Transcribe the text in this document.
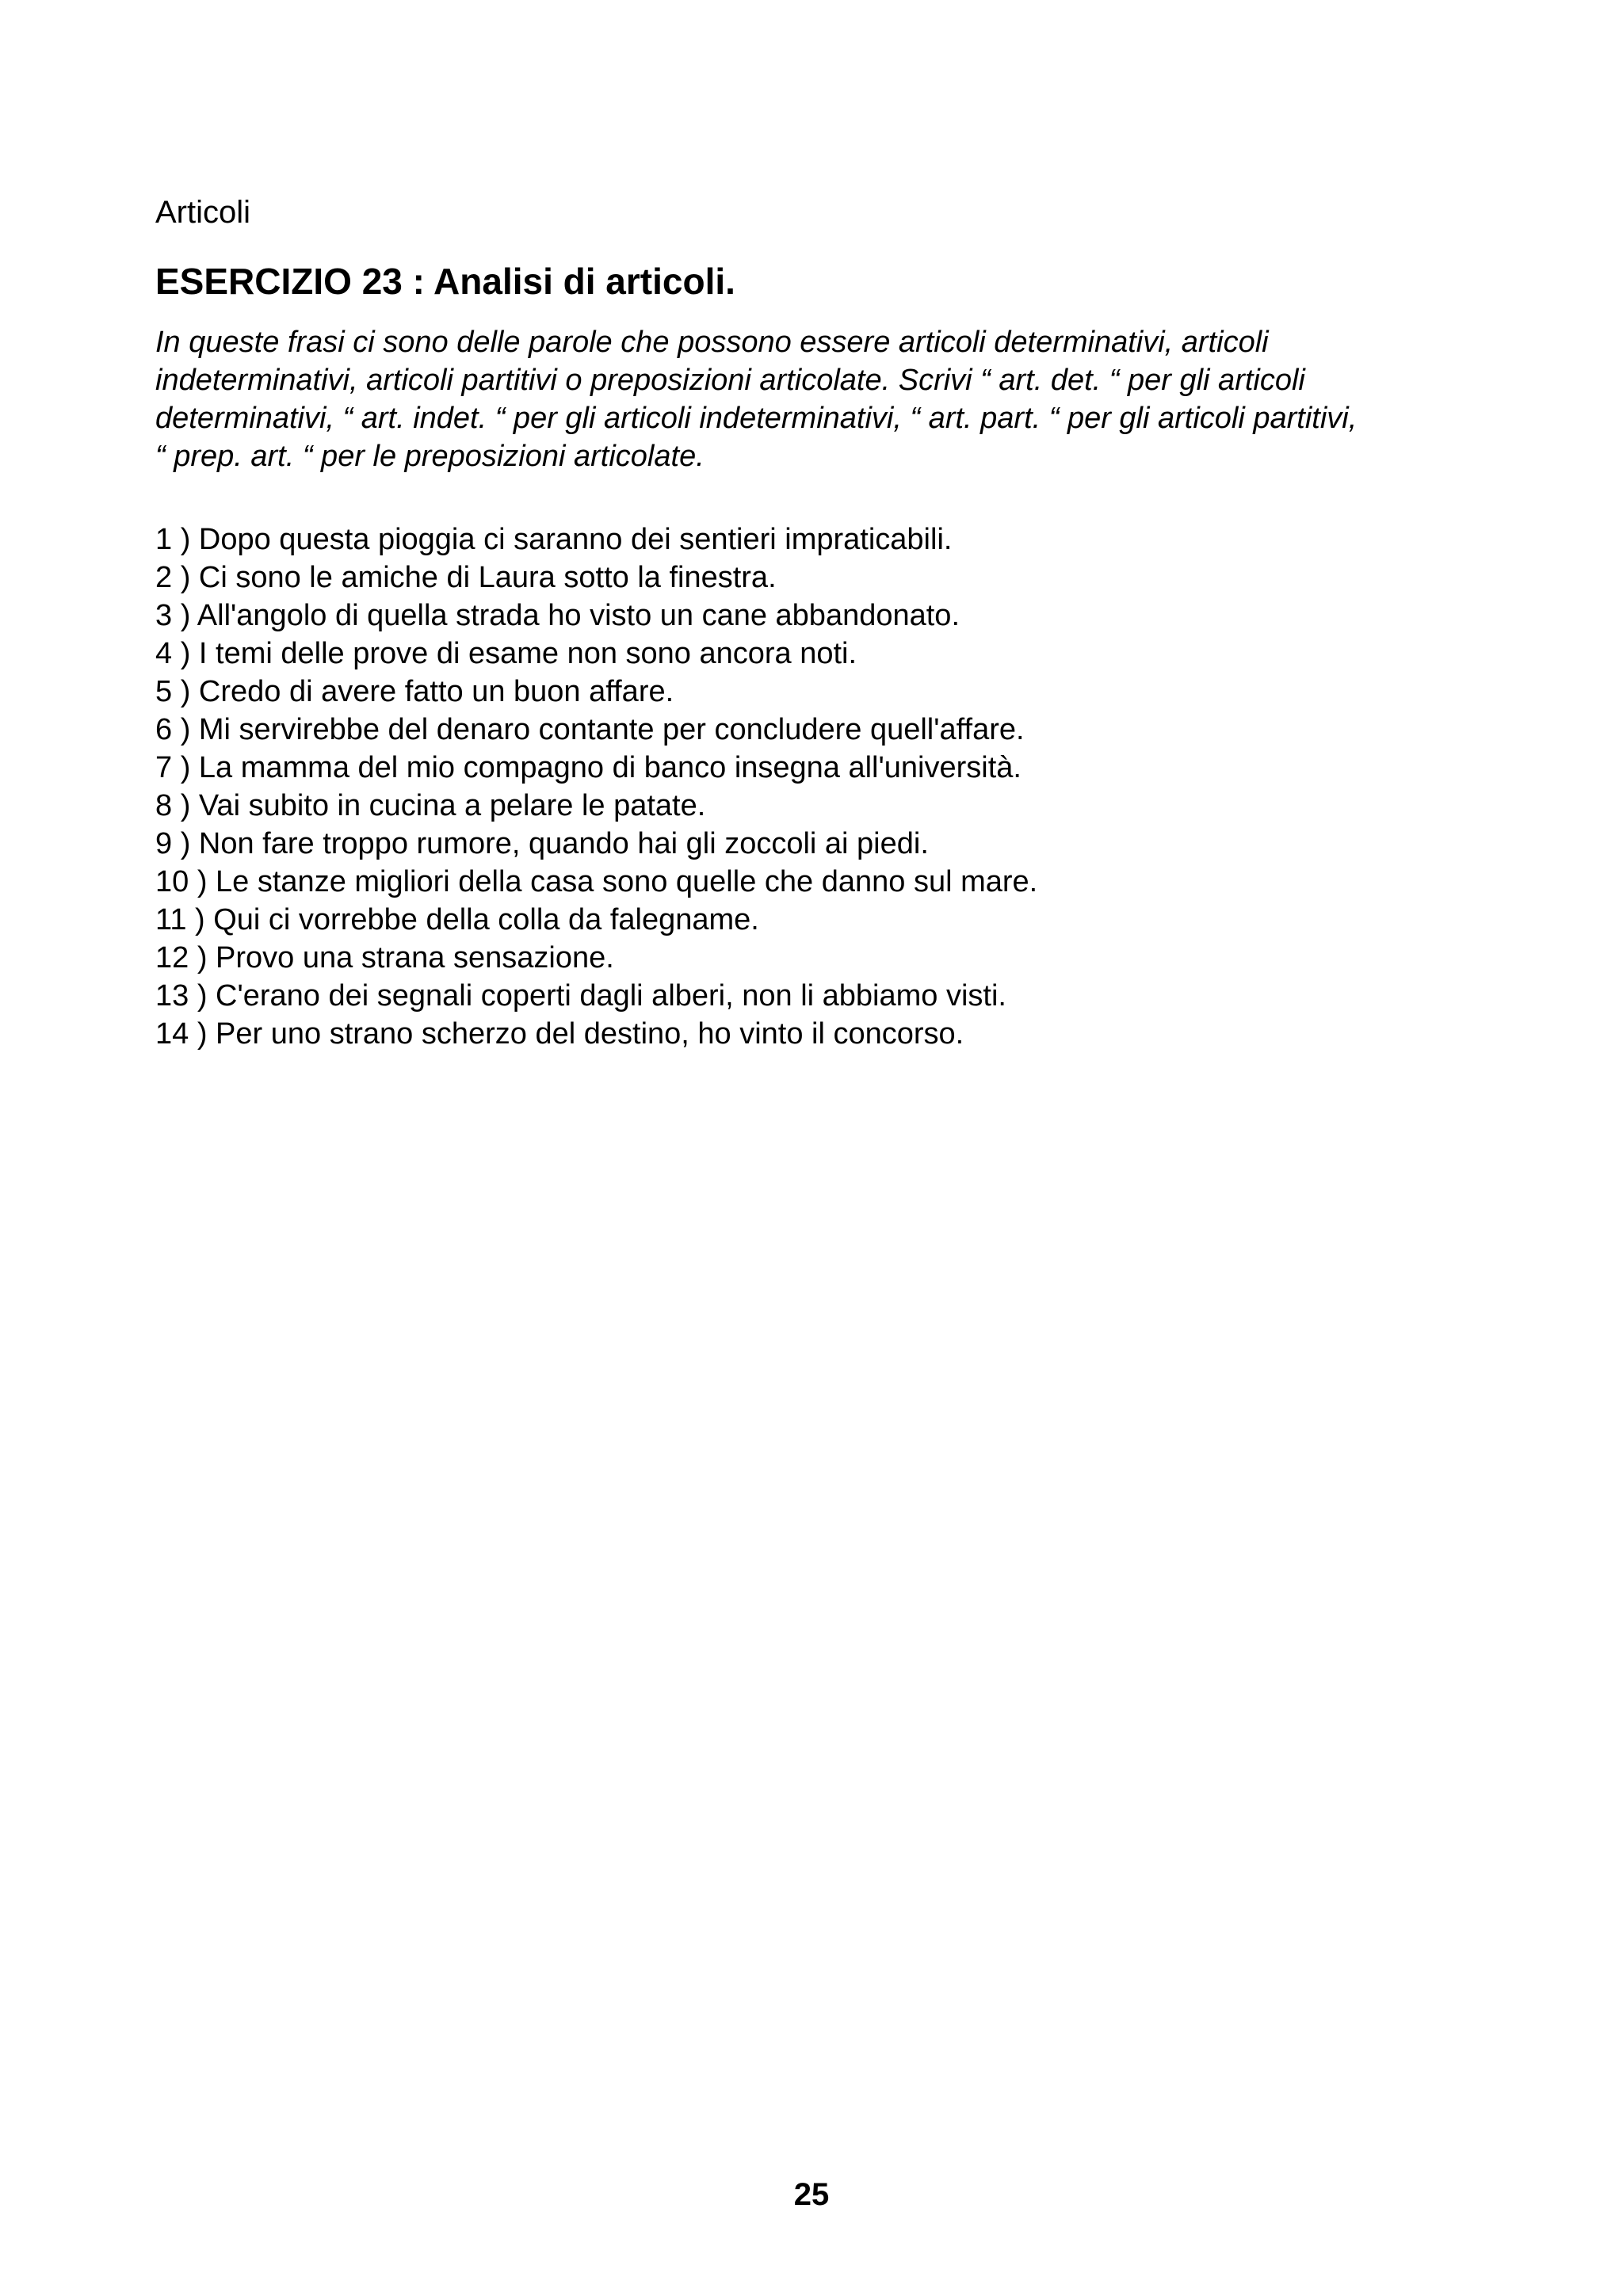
Articoli
ESERCIZIO 23 : Analisi di articoli.

In queste frasi ci sono delle parole che possono essere articoli determinativi, articoli
indeterminativi, articoli partitivi o preposizioni articolate. Scrivi “ art. det. “ per gli articoli
determinativi, “ art. indet. “ per gli articoli indeterminativi, “ art. part. “ per gli articoli partitivi,
“ prep. art. “ per le preposizioni articolate.

1 ) Dopo questa pioggia ci saranno dei sentieri impraticabili.
2 ) Ci sono le amiche di Laura sotto la finestra.
3 ) All'angolo di quella strada ho visto un cane abbandonato.
4 ) I temi delle prove di esame non sono ancora noti.
5 ) Credo di avere fatto un buon affare.
6 ) Mi servirebbe del denaro contante per concludere quell'affare.
7 ) La mamma del mio compagno di banco insegna all'università.
8 ) Vai subito in cucina a pelare le patate.
9 ) Non fare troppo rumore, quando hai gli zoccoli ai piedi.
10 ) Le stanze migliori della casa sono quelle che danno sul mare.
11 ) Qui ci vorrebbe della colla da falegname.
12 ) Provo una strana sensazione.
13 ) C'erano dei segnali coperti dagli alberi, non li abbiamo visti.
14 ) Per uno strano scherzo del destino, ho vinto il concorso.
25
